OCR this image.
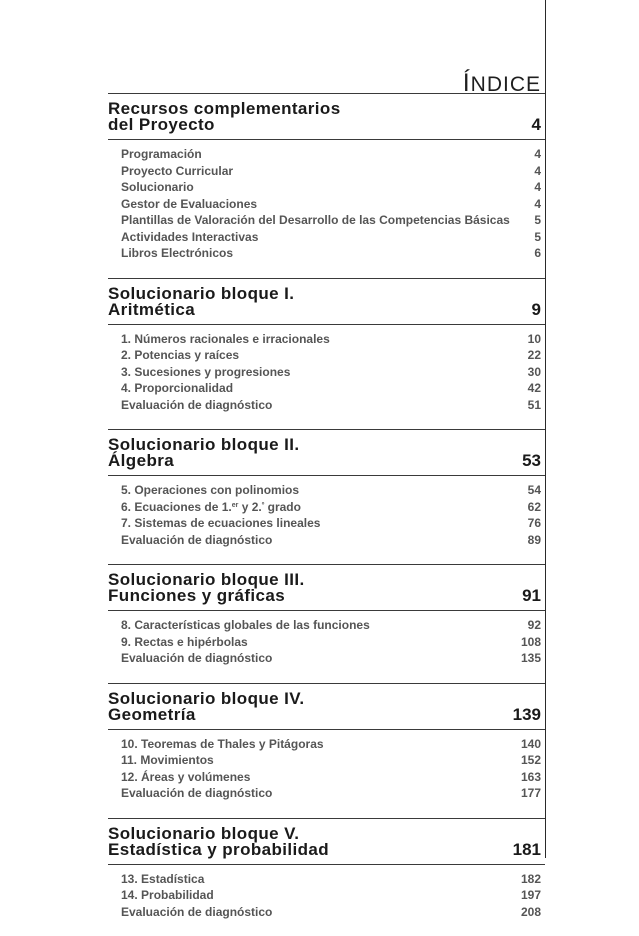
ÍNDICE
Recursos complementarios
del Proyecto	4
Programación	4
Proyecto Curricular	4
Solucionario	4
Gestor de Evaluaciones	4
Plantillas de Valoración del Desarrollo de las Competencias Básicas 5
Actividades Interactivas	5
Libros Electrónicos	6
Solucionario bloque I.
Aritmética	9
1. Números racionales e irracionales	10
2. Potencias y raíces	22
3. Sucesiones y progresiones	30
4. Proporcionalidad	42
Evaluación de diagnóstico	51
Solucionario bloque II.
Álgebra	53
5. Operaciones con polinomios	54
6. Ecuaciones de 1.$^{er}$ y 2.$^º$ grado	62
7. Sistemas de ecuaciones lineales	76
Evaluación de diagnóstico	89
Solucionario bloque III.
Funciones y gráficas	91
8. Características globales de las funciones	92
9. Rectas e hipérbolas	108
Evaluación de diagnóstico	135
Solucionario bloque IV.
Geometría	139
10. Teoremas de Thales y Pitágoras	140
11. Movimientos	152
12. Áreas y volúmenes	163
Evaluación de diagnóstico	177
Solucionario bloque V.
Estadística y probabilidad	181
13. Estadística	182
14. Probabilidad	197
Evaluación de diagnóstico	208
